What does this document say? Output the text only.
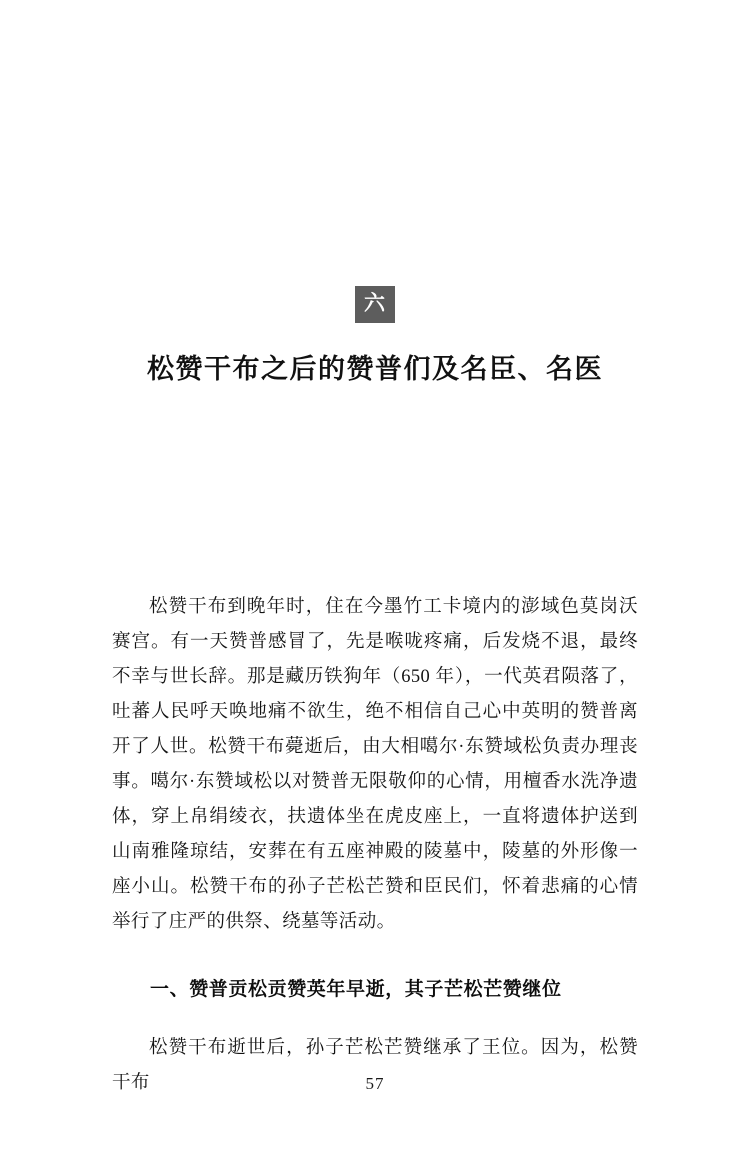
六
松赞干布之后的赞普们及名臣、名医

松赞干布到晚年时，住在今墨竹工卡境内的澎域色莫岗沃赛宫。有一天赞普感冒了，先是喉咙疼痛，后发烧不退，最终不幸与世长辞。那是藏历铁狗年（650 年），一代英君陨落了，吐蕃人民呼天唤地痛不欲生，绝不相信自己心中英明的赞普离开了人世。松赞干布薨逝后，由大相噶尔·东赞域松负责办理丧事。噶尔·东赞域松以对赞普无限敬仰的心情，用檀香水洗净遗体，穿上帛绢绫衣，扶遗体坐在虎皮座上，一直将遗体护送到山南雅隆琼结，安葬在有五座神殿的陵墓中，陵墓的外形像一座小山。松赞干布的孙子芒松芒赞和臣民们，怀着悲痛的心情举行了庄严的供祭、绕墓等活动。

一、赞普贡松贡赞英年早逝，其子芒松芒赞继位

松赞干布逝世后，孙子芒松芒赞继承了王位。因为，松赞干布	57
